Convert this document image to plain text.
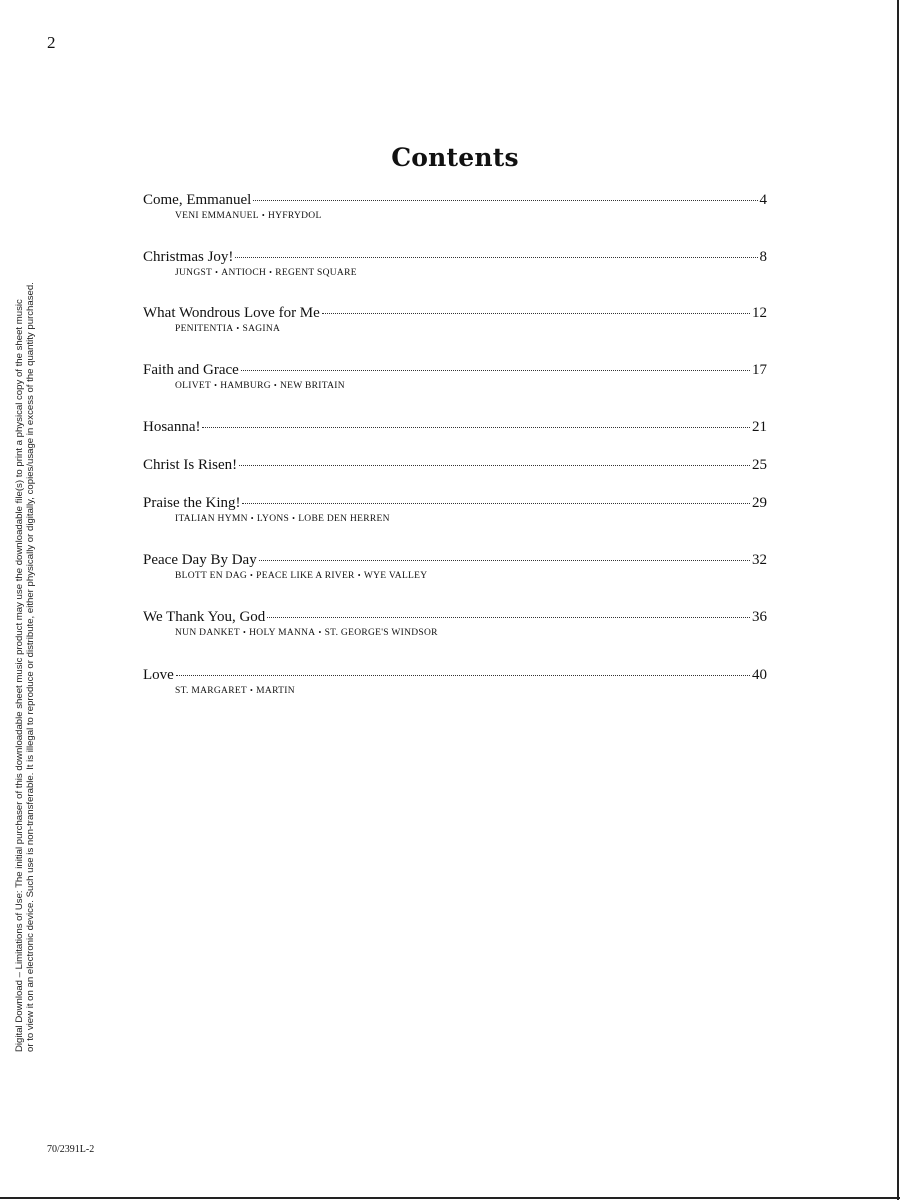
2
Digital Download – Limitations of Use: The initial purchaser of this downloadable sheet music product may use the downloadable file(s) to print a physical copy of the sheet music or to view it on an electronic device. Such use is non-transferable. It is illegal to reproduce or distribute, either physically or digitally, copies/usage in excess of the quantity purchased.
Contents
Come, Emmanuel	4
VENI EMMANUEL • HYFRYDOL
Christmas Joy!	8
JUNGST • ANTIOCH • REGENT SQUARE
What Wondrous Love for Me	12
PENITENTIA • SAGINA
Faith and Grace	17
OLIVET • HAMBURG • NEW BRITAIN
Hosanna!	21
Christ Is Risen!	25
Praise the King!	29
ITALIAN HYMN • LYONS • LOBE DEN HERREN
Peace Day By Day	32
BLOTT EN DAG • PEACE LIKE A RIVER • WYE VALLEY
We Thank You, God	36
NUN DANKET • HOLY MANNA • ST. GEORGE'S WINDSOR
Love	40
ST. MARGARET • MARTIN
70/2391L-2
